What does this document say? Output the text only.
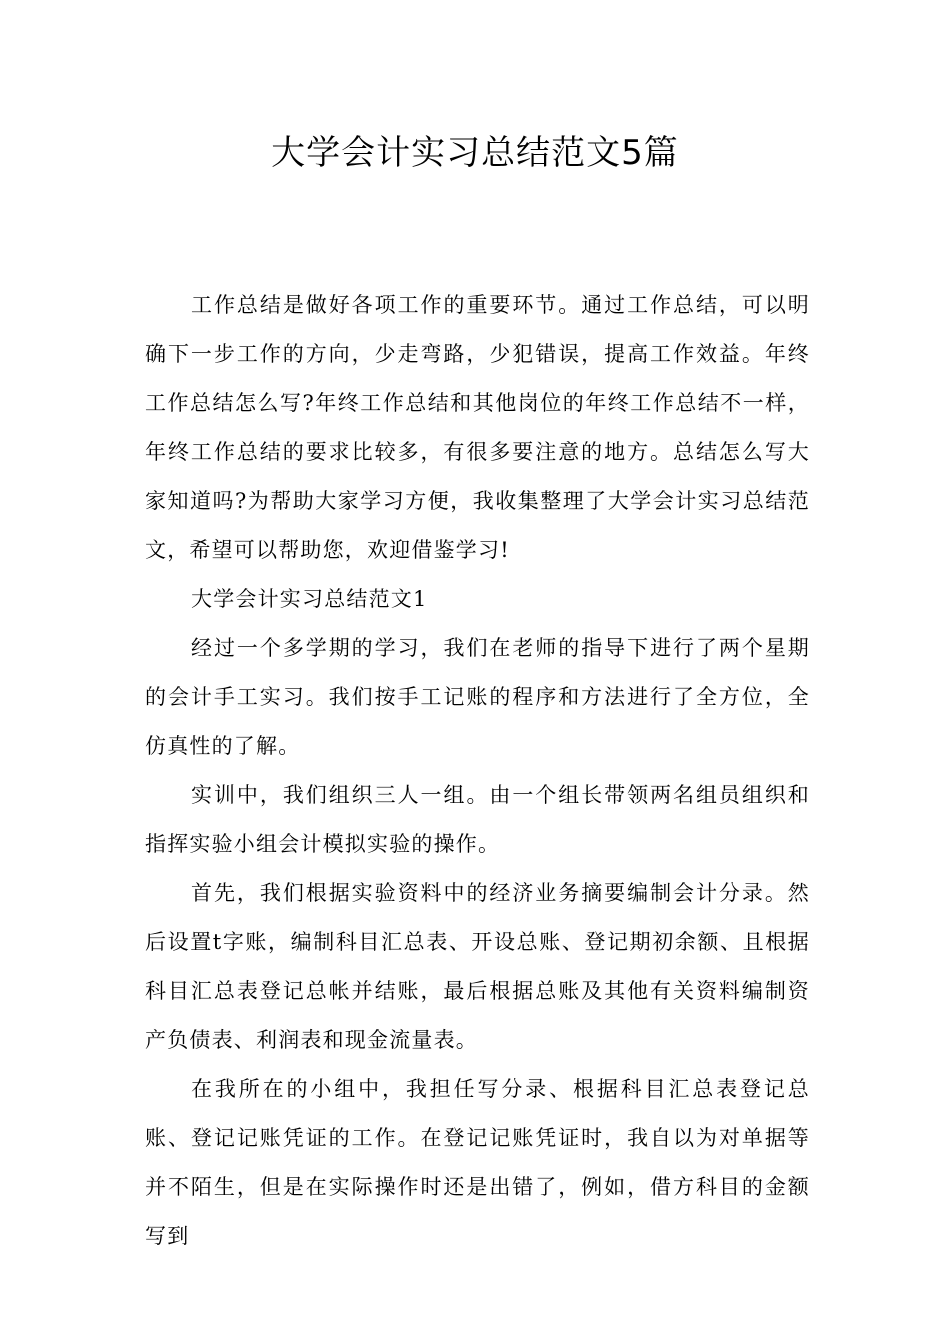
大学会计实习总结范文5篇

工作总结是做好各项工作的重要环节。通过工作总结，可以明确下一步工作的方向，少走弯路，少犯错误，提高工作效益。年终工作总结怎么写?年终工作总结和其他岗位的年终工作总结不一样，年终工作总结的要求比较多，有很多要注意的地方。总结怎么写大家知道吗?为帮助大家学习方便，我收集整理了大学会计实习总结范文，希望可以帮助您，欢迎借鉴学习!

大学会计实习总结范文1

经过一个多学期的学习，我们在老师的指导下进行了两个星期的会计手工实习。我们按手工记账的程序和方法进行了全方位，全仿真性的了解。

实训中，我们组织三人一组。由一个组长带领两名组员组织和指挥实验小组会计模拟实验的操作。

首先，我们根据实验资料中的经济业务摘要编制会计分录。然后设置t字账，编制科目汇总表、开设总账、登记期初余额、且根据科目汇总表登记总帐并结账，最后根据总账及其他有关资料编制资产负债表、利润表和现金流量表。

在我所在的小组中，我担任写分录、根据科目汇总表登记总账、登记记账凭证的工作。在登记记账凭证时，我自以为对单据等并不陌生，但是在实际操作时还是出错了，例如，借方科目的金额写到
